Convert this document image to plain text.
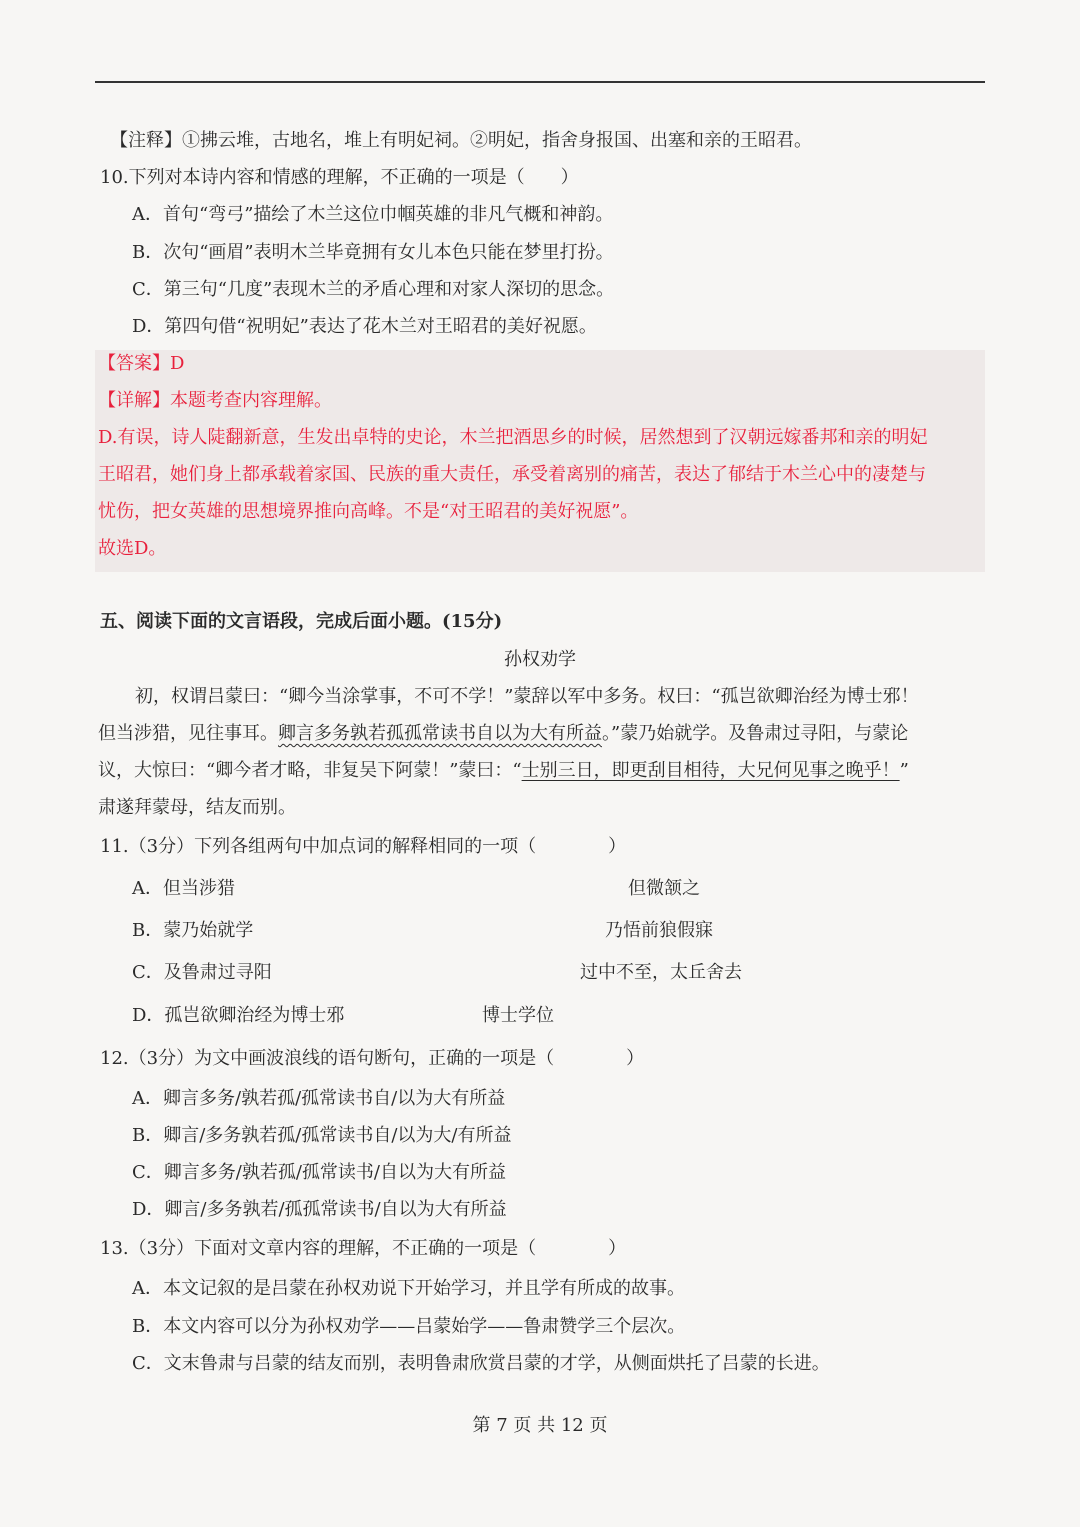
【注释】①拂云堆，古地名，堆上有明妃祠。②明妃，指舍身报国、出塞和亲的王昭君。
10.下列对本诗内容和情感的理解，不正确的一项是（　　）
A．首句“弯弓”描绘了木兰这位巾帼英雄的非凡气概和神韵。
B．次句“画眉”表明木兰毕竟拥有女儿本色只能在梦里打扮。
C．第三句“几度”表现木兰的矛盾心理和对家人深切的思念。
D．第四句借“祝明妃”表达了花木兰对王昭君的美好祝愿。
【答案】D
【详解】本题考查内容理解。
D.有误，诗人陡翻新意，生发出卓特的史论，木兰把酒思乡的时候，居然想到了汉朝远嫁番邦和亲的明妃
王昭君，她们身上都承载着家国、民族的重大责任，承受着离别的痛苦，表达了郁结于木兰心中的凄楚与
忧伤，把女英雄的思想境界推向高峰。不是“对王昭君的美好祝愿”。
故选D。
五、阅读下面的文言语段，完成后面小题。(15分)
孙权劝学
初，权谓吕蒙曰：“卿今当涂掌事，不可不学！”蒙辞以军中多务。权曰：“孤岂欲卿治经为博士邪！
但当涉猎，见往事耳。卿言多务孰若孤孤常读书自以为大有所益。”蒙乃始就学。及鲁肃过寻阳，与蒙论
议，大惊曰：“卿今者才略，非复吴下阿蒙！”蒙曰：“士别三日，即更刮目相待，大兄何见事之晚乎！”
肃遂拜蒙母，结友而别。
11.（3分）下列各组两句中加点词的解释相同的一项（　　　　）
A．但当涉猎	但微颔之
B．蒙乃始就学	乃悟前狼假寐
C．及鲁肃过寻阳	过中不至，太丘舍去
D．孤岂欲卿治经为博士邪	博士学位
12.（3分）为文中画波浪线的语句断句，正确的一项是（　　　　）
A．卿言多务/孰若孤/孤常读书自/以为大有所益
B．卿言/多务孰若孤/孤常读书自/以为大/有所益
C．卿言多务/孰若孤/孤常读书/自以为大有所益
D．卿言/多务孰若/孤孤常读书/自以为大有所益
13.（3分）下面对文章内容的理解，不正确的一项是（　　　　）
A．本文记叙的是吕蒙在孙权劝说下开始学习，并且学有所成的故事。
B．本文内容可以分为孙权劝学——吕蒙始学——鲁肃赞学三个层次。
C．文末鲁肃与吕蒙的结友而别，表明鲁肃欣赏吕蒙的才学，从侧面烘托了吕蒙的长进。
第 7 页 共 12 页
